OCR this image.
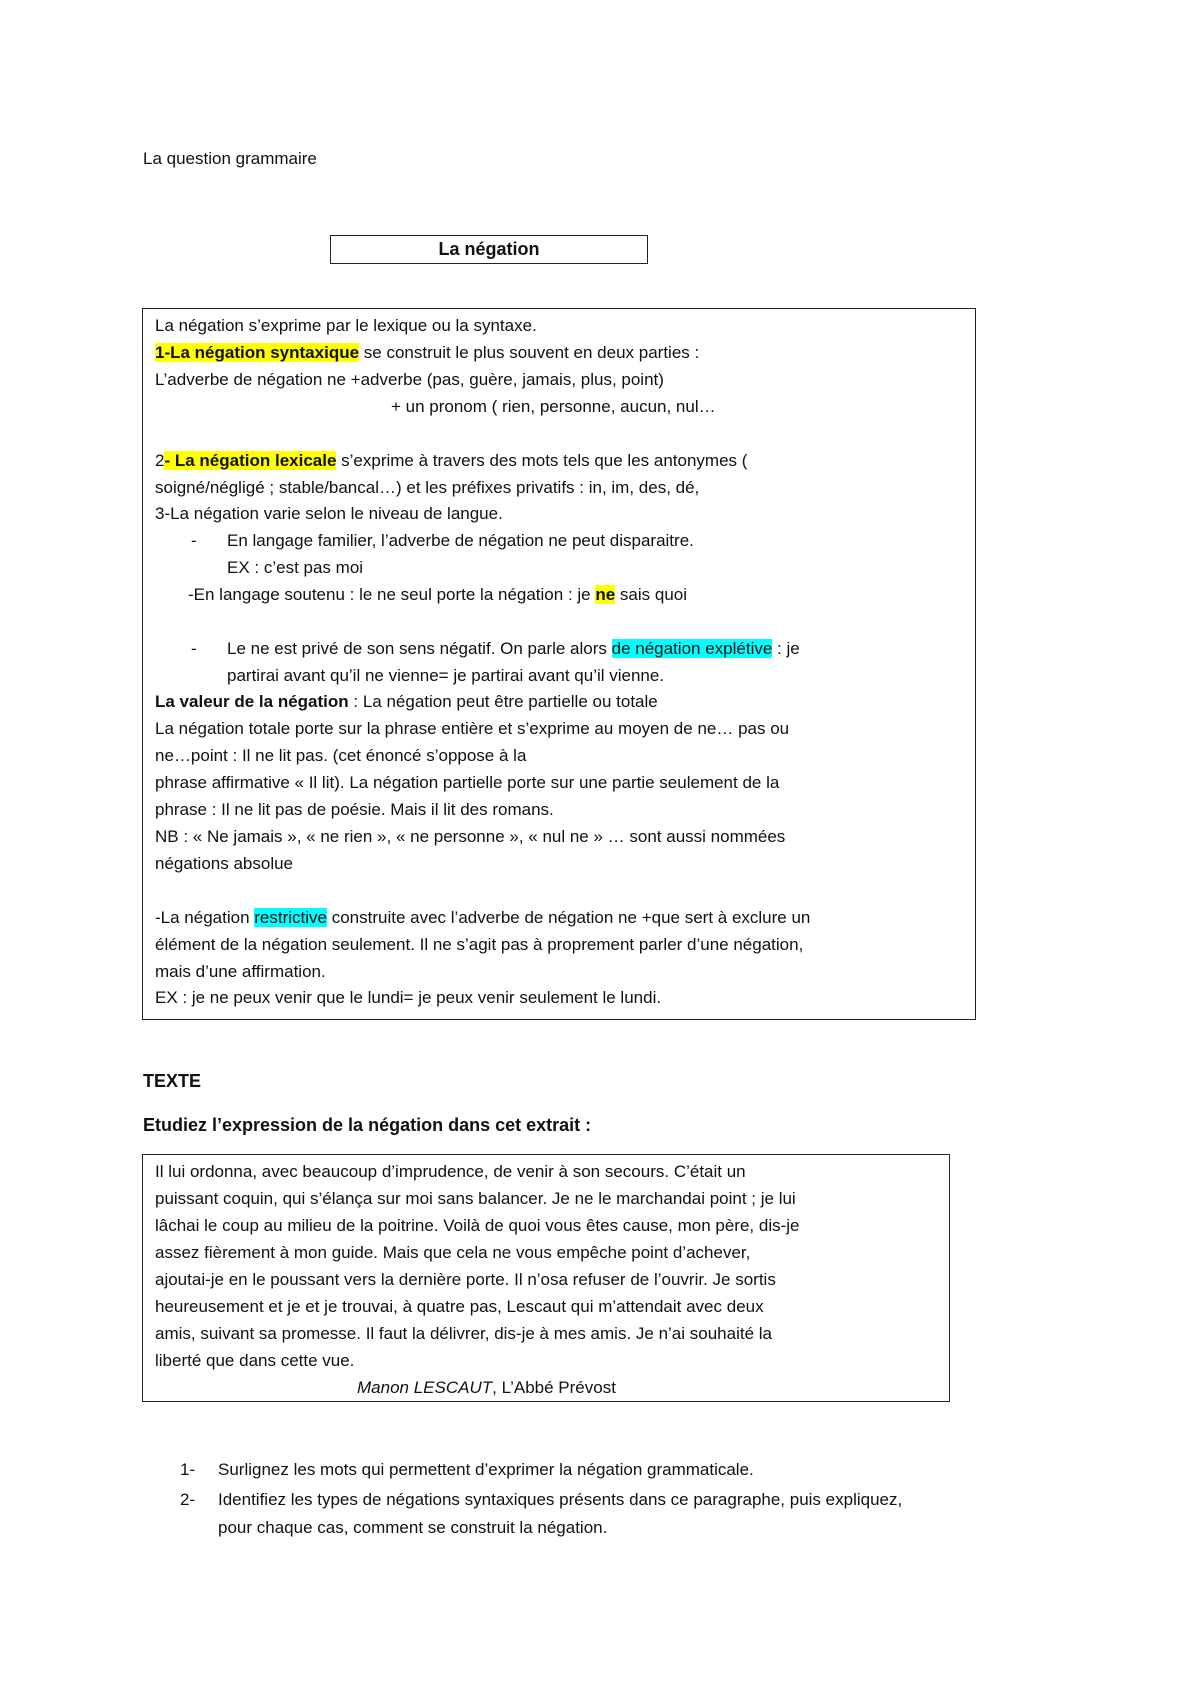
La question grammaire
La négation
La négation s’exprime par le lexique ou la syntaxe.
1-La négation syntaxique se construit le plus souvent en deux parties :
L’adverbe de négation ne +adverbe (pas, guère, jamais, plus, point)
+ un pronom ( rien, personne, aucun, nul…
2- La négation lexicale s’exprime à travers des mots tels que les antonymes (
soigné/négligé ; stable/bancal…) et les préfixes privatifs : in, im, des, dé,
3-La négation varie selon le niveau de langue.
- En langage familier, l’adverbe de négation ne peut disparaitre.
EX : c’est pas moi
-En langage soutenu : le ne seul porte la négation : je ne sais quoi
- Le ne est privé de son sens négatif. On parle alors de négation explétive : je
partirai avant qu’il ne vienne= je partirai avant qu’il vienne.
La valeur de la négation : La négation peut être partielle ou totale
La négation totale porte sur la phrase entière et s’exprime au moyen de ne… pas ou
ne…point : Il ne lit pas. (cet énoncé s’oppose à la
phrase affirmative « Il lit). La négation partielle porte sur une partie seulement de la
phrase : Il ne lit pas de poésie. Mais il lit des romans.
NB : « Ne jamais », « ne rien », « ne personne », « nul ne » … sont aussi nommées
négations absolue
-La négation restrictive construite avec l’adverbe de négation ne +que sert à exclure un
élément de la négation seulement. Il ne s’agit pas à proprement parler d’une négation,
mais d’une affirmation.
EX : je ne peux venir que le lundi= je peux venir seulement le lundi.
TEXTE
Etudiez l’expression de la négation dans cet extrait :
Il lui ordonna, avec beaucoup d’imprudence, de venir à son secours. C’était un
puissant coquin, qui s’élança sur moi sans balancer. Je ne le marchandai point ; je lui
lâchai le coup au milieu de la poitrine. Voilà de quoi vous êtes cause, mon père, dis-je
assez fièrement à mon guide. Mais que cela ne vous empêche point d’achever,
ajoutai-je en le poussant vers la dernière porte. Il n’osa refuser de l’ouvrir. Je sortis
heureusement et je et je trouvai, à quatre pas, Lescaut qui m’attendait avec deux
amis, suivant sa promesse. Il faut la délivrer, dis-je à mes amis. Je n’ai souhaité la
liberté que dans cette vue.
Manon LESCAUT, L’Abbé Prévost
1- Surlignez les mots qui permettent d’exprimer la négation grammaticale.
2- Identifiez les types de négations syntaxiques présents dans ce paragraphe, puis expliquez,
pour chaque cas, comment se construit la négation.
